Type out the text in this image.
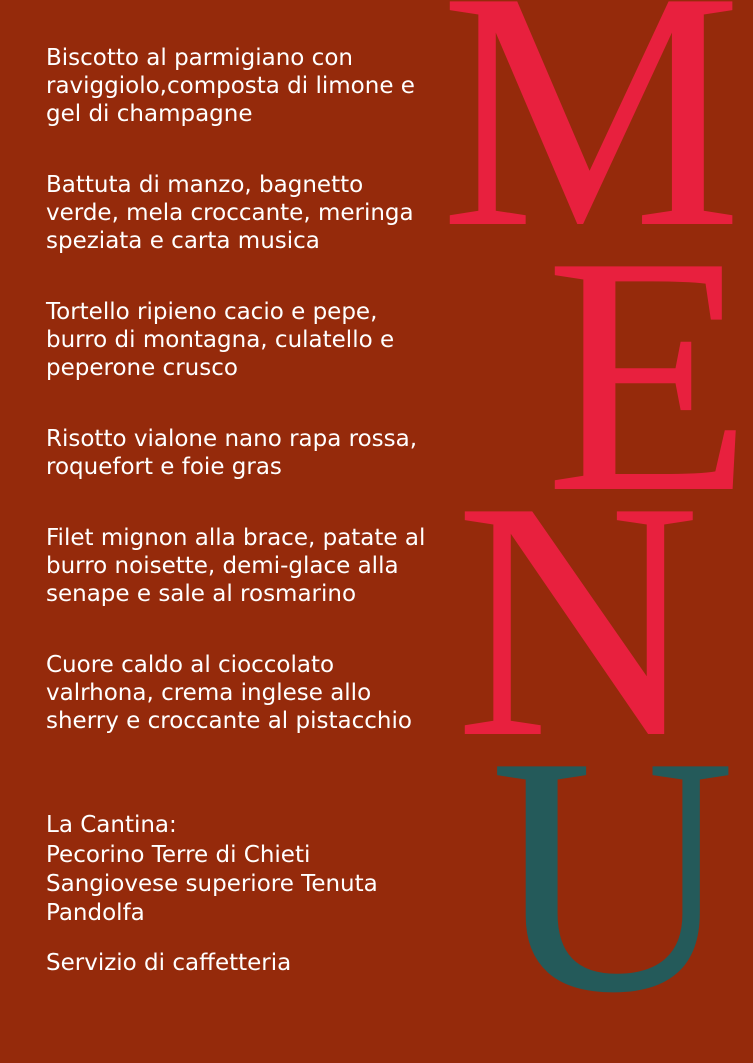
M
E
N
U
Biscotto al parmigiano con
raviggiolo,composta di limone e
gel di champagne
Battuta di manzo, bagnetto
verde, mela croccante, meringa
speziata e carta musica
Tortello ripieno cacio e pepe,
burro di montagna, culatello e
peperone crusco
Risotto vialone nano rapa rossa,
roquefort e foie gras
Filet mignon alla brace, patate al
burro noisette, demi-glace alla
senape e sale al rosmarino
Cuore caldo al cioccolato
valrhona, crema inglese allo
sherry e croccante al pistacchio

La Cantina:

Pecorino Terre di Chieti

Sangiovese superiore Tenuta
Pandolfa

Servizio di caffetteria
